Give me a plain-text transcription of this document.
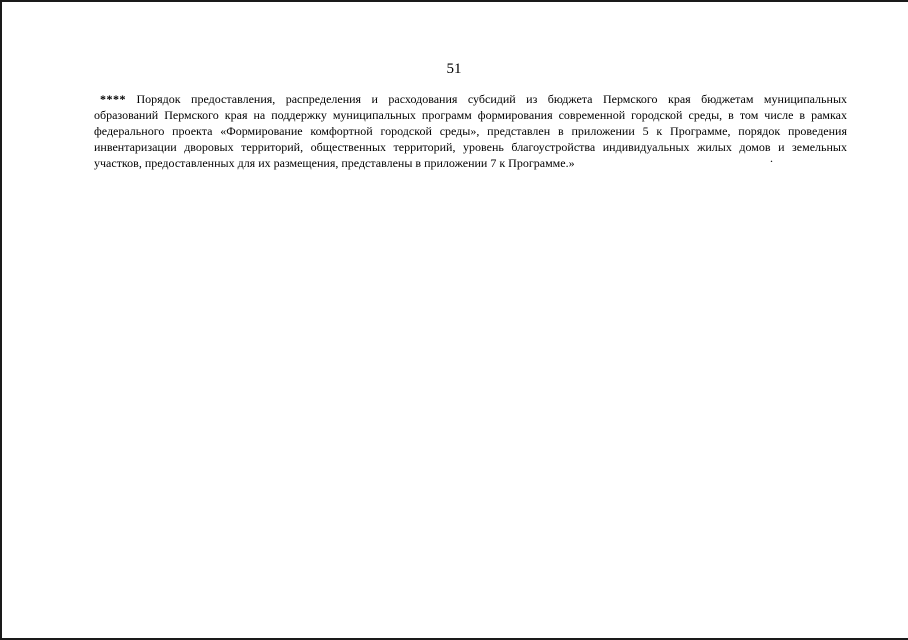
51
**** Порядок предоставления, распределения и расходования субсидий из бюджета Пермского края бюджетам муниципальных
образований Пермского края на поддержку муниципальных программ формирования современной городской среды, в том числе в рамках
федерального проекта «Формирование комфортной городской среды», представлен в приложении 5 к Программе, порядок проведения
инвентаризации дворовых территорий, общественных территорий, уровень благоустройства индивидуальных жилых домов и земельных
участков, предоставленных для их размещения, представлены в приложении 7 к Программе.»	.
